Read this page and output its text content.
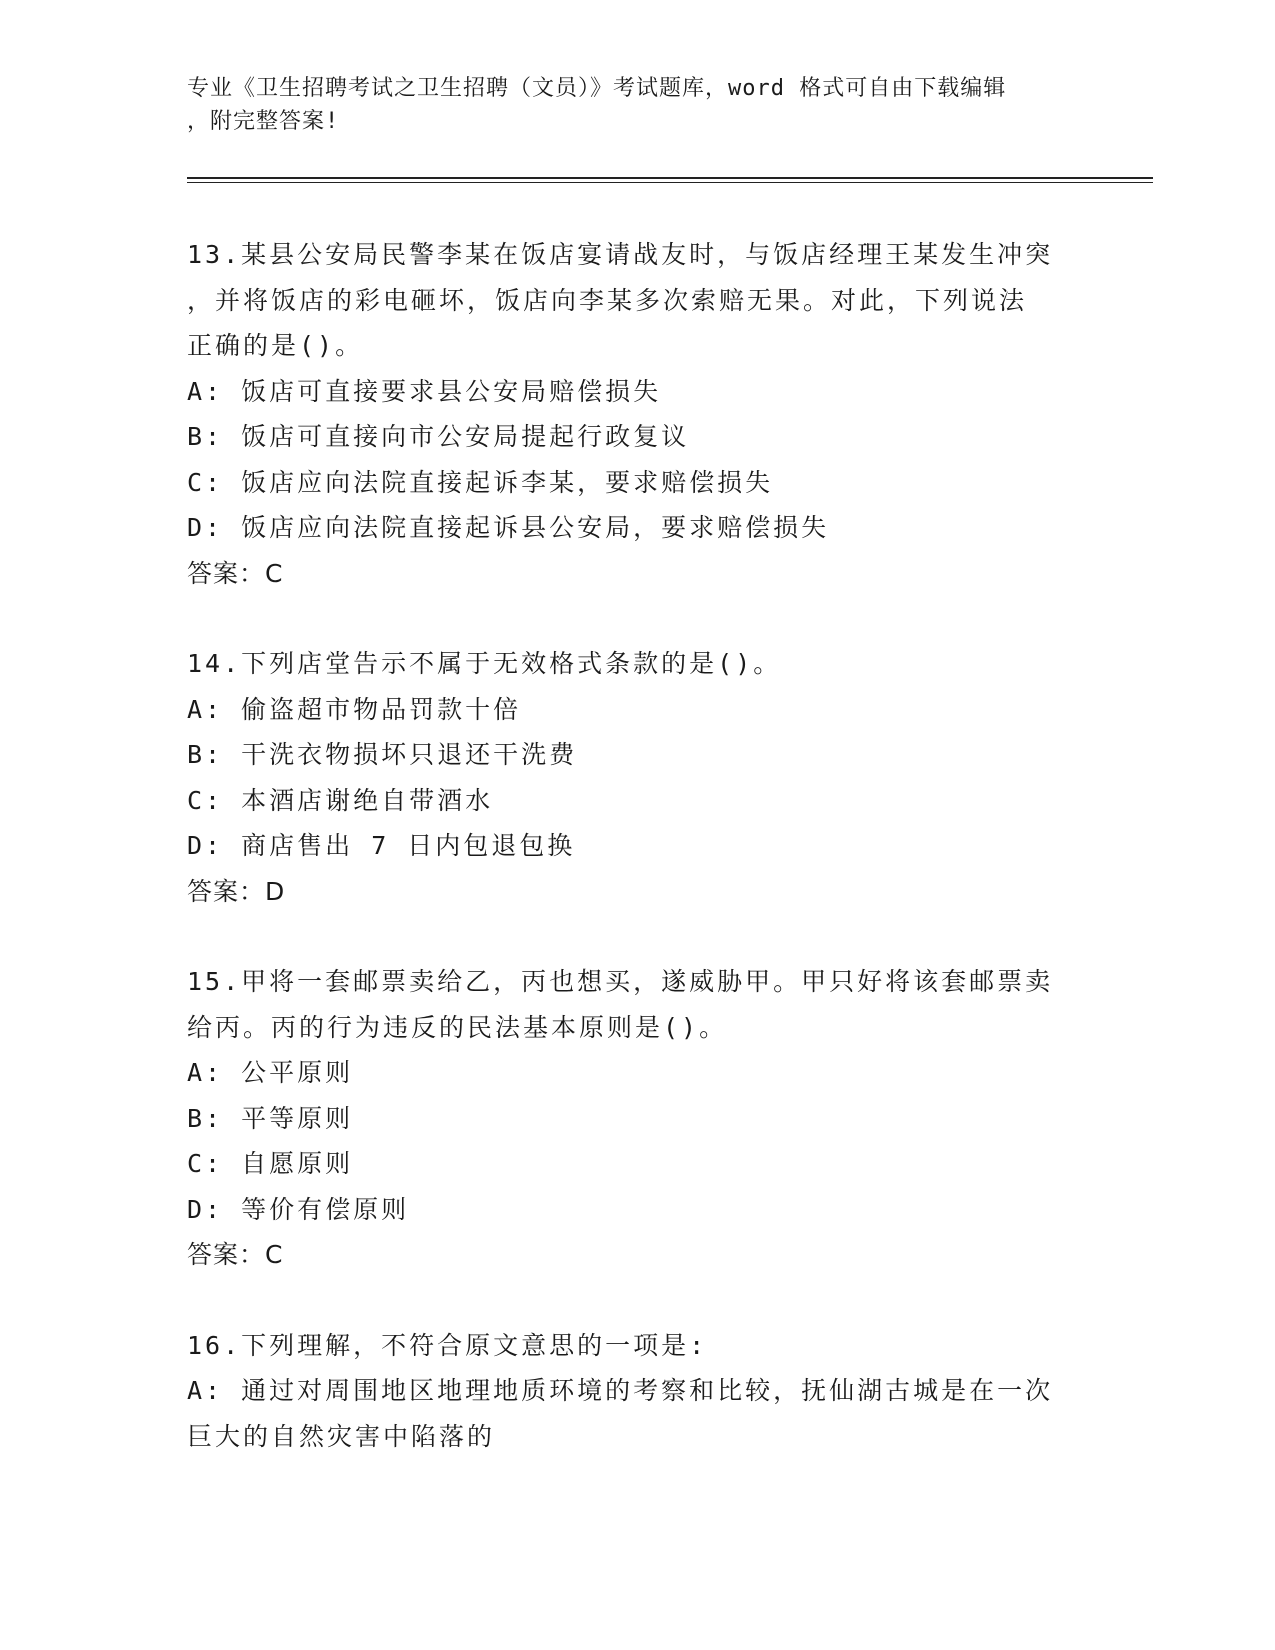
专业《卫生招聘考试之卫生招聘（文员）》考试题库，word 格式可自由下载编辑
，附完整答案!

13.某县公安局民警李某在饭店宴请战友时，与饭店经理王某发生冲突

，并将饭店的彩电砸坏，饭店向李某多次索赔无果。对此，下列说法

正确的是()。

A: 饭店可直接要求县公安局赔偿损失

B: 饭店可直接向市公安局提起行政复议

C: 饭店应向法院直接起诉李某，要求赔偿损失

D: 饭店应向法院直接起诉县公安局，要求赔偿损失

答案：C

14.下列店堂告示不属于无效格式条款的是()。

A: 偷盗超市物品罚款十倍

B: 干洗衣物损坏只退还干洗费

C: 本酒店谢绝自带酒水

D: 商店售出 7 日内包退包换

答案：D

15.甲将一套邮票卖给乙，丙也想买，遂威胁甲。甲只好将该套邮票卖

给丙。丙的行为违反的民法基本原则是()。

A: 公平原则

B: 平等原则

C: 自愿原则

D: 等价有偿原则

答案：C

16.下列理解，不符合原文意思的一项是:

A: 通过对周围地区地理地质环境的考察和比较，抚仙湖古城是在一次

巨大的自然灾害中陷落的
